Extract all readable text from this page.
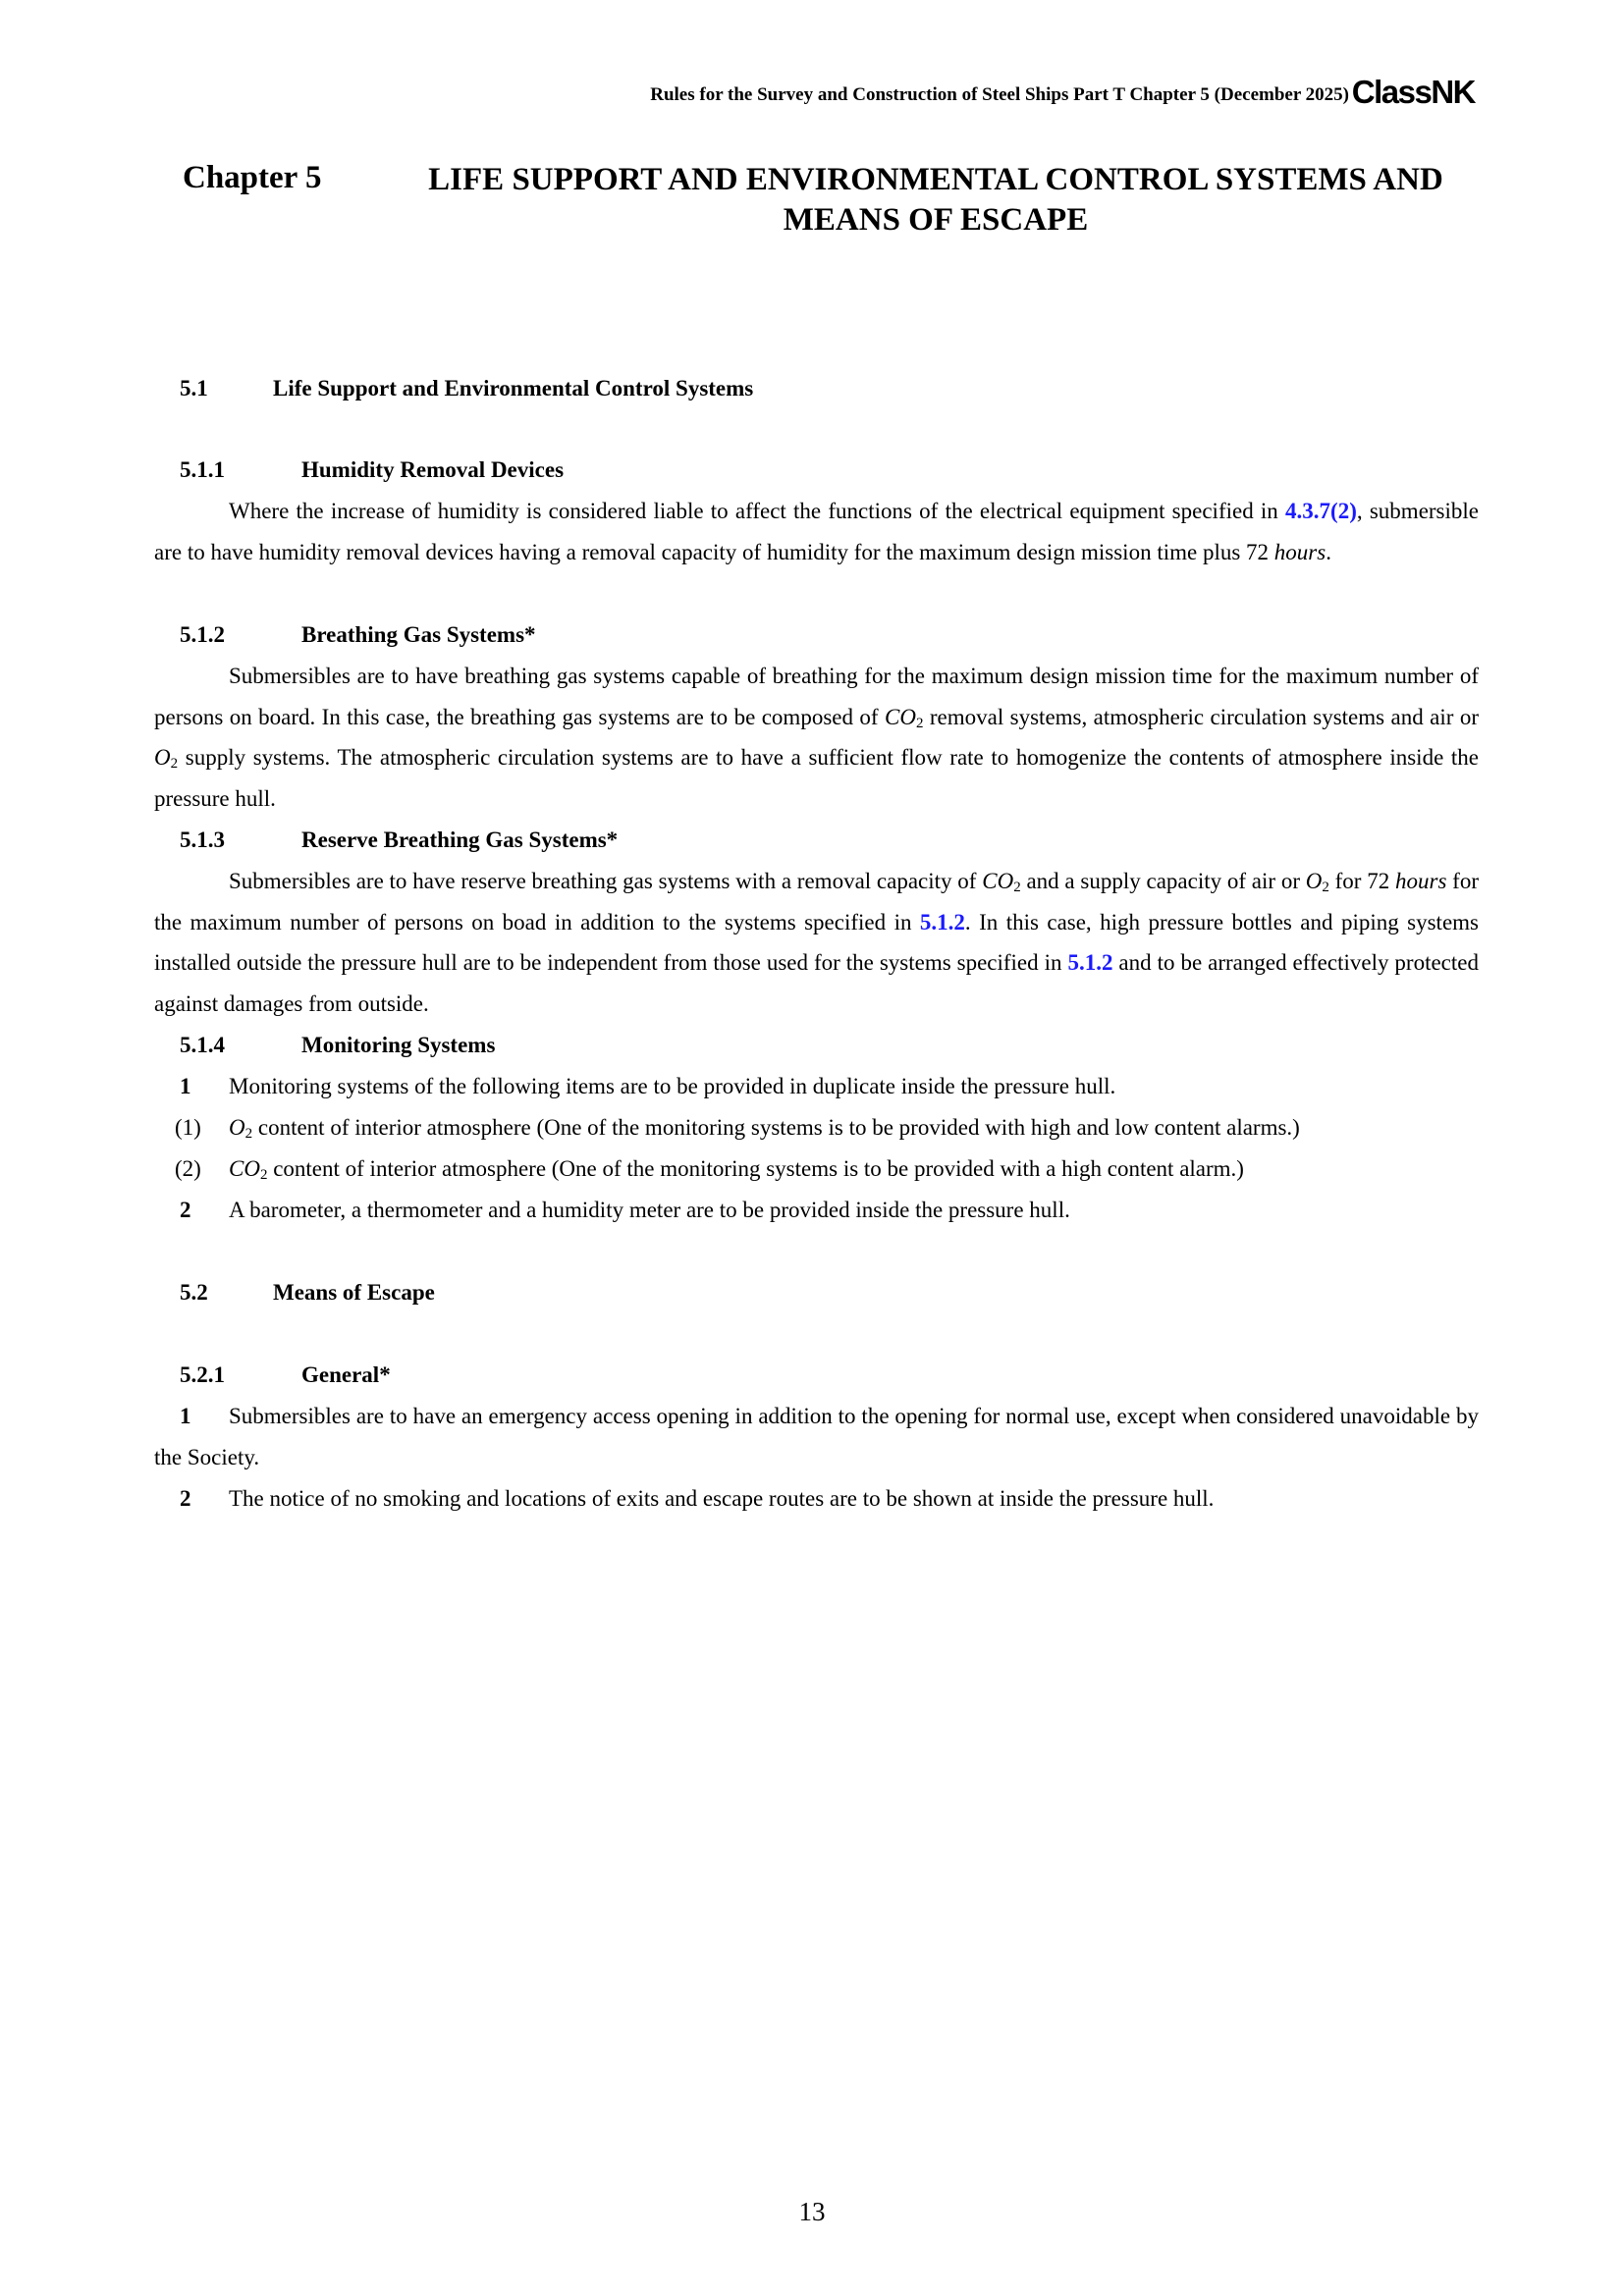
Rules for the Survey and Construction of Steel Ships Part T Chapter 5 (December 2025) ClassNK
Chapter 5	LIFE SUPPORT AND ENVIRONMENTAL CONTROL SYSTEMS AND MEANS OF ESCAPE
5.1	Life Support and Environmental Control Systems
5.1.1	Humidity Removal Devices
Where the increase of humidity is considered liable to affect the functions of the electrical equipment specified in 4.3.7(2), submersible are to have humidity removal devices having a removal capacity of humidity for the maximum design mission time plus 72 hours.
5.1.2	Breathing Gas Systems*
Submersibles are to have breathing gas systems capable of breathing for the maximum design mission time for the maximum number of persons on board. In this case, the breathing gas systems are to be composed of $CO_2$ removal systems, atmospheric circulation systems and air or $O_2$ supply systems. The atmospheric circulation systems are to have a sufficient flow rate to homogenize the contents of atmosphere inside the pressure hull.
5.1.3	Reserve Breathing Gas Systems*
Submersibles are to have reserve breathing gas systems with a removal capacity of $CO_2$ and a supply capacity of air or $O_2$ for 72 hours for the maximum number of persons on boad in addition to the systems specified in 5.1.2. In this case, high pressure bottles and piping systems installed outside the pressure hull are to be independent from those used for the systems specified in 5.1.2 and to be arranged effectively protected against damages from outside.
5.1.4	Monitoring Systems
1 Monitoring systems of the following items are to be provided in duplicate inside the pressure hull.
(1) $O_2$ content of interior atmosphere (One of the monitoring systems is to be provided with high and low content alarms.)
(2) $CO_2$ content of interior atmosphere (One of the monitoring systems is to be provided with a high content alarm.)
2 A barometer, a thermometer and a humidity meter are to be provided inside the pressure hull.
5.2	Means of Escape
5.2.1	General*
1	Submersibles are to have an emergency access opening in addition to the opening for normal use, except when considered unavoidable by the Society.
2 The notice of no smoking and locations of exits and escape routes are to be shown at inside the pressure hull.
13
